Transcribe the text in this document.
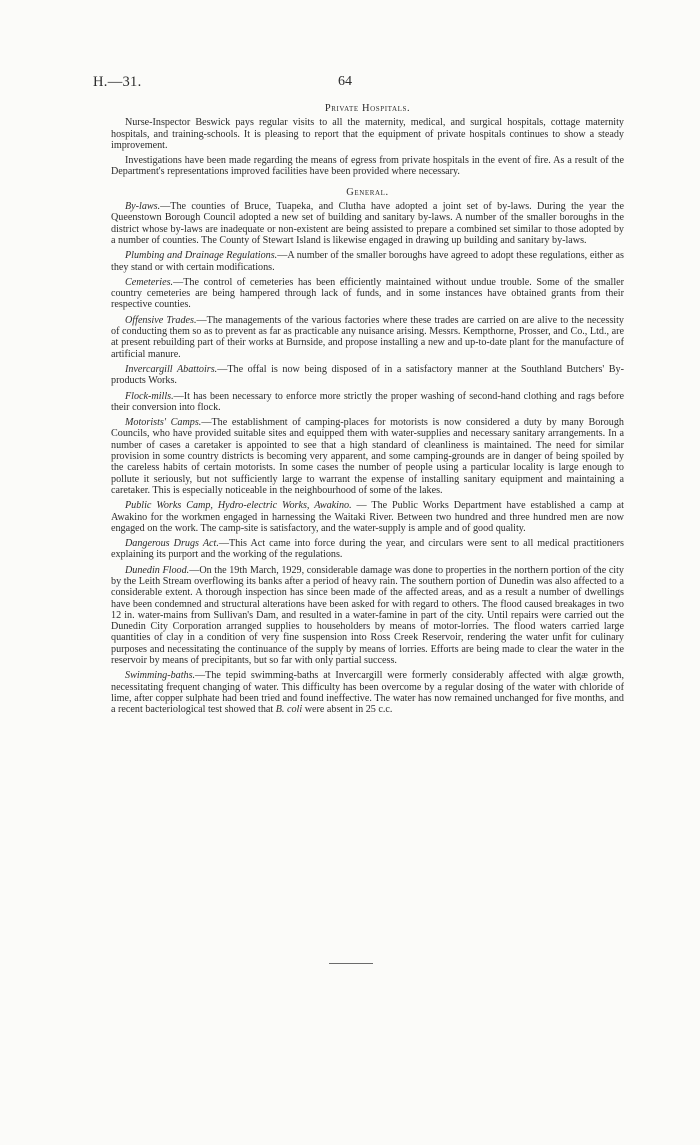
H.—31.	64
Private Hospitals.

Nurse-Inspector Beswick pays regular visits to all the maternity, medical, and surgical hospitals, cottage maternity hospitals, and training-schools. It is pleasing to report that the equipment of private hospitals continues to show a steady improvement.

Investigations have been made regarding the means of egress from private hospitals in the event of fire. As a result of the Department's representations improved facilities have been provided where necessary.

General.

By-laws.—The counties of Bruce, Tuapeka, and Clutha have adopted a joint set of by-laws. During the year the Queenstown Borough Council adopted a new set of building and sanitary by-laws. A number of the smaller boroughs in the district whose by-laws are inadequate or non-existent are being assisted to prepare a combined set similar to those adopted by a number of counties. The County of Stewart Island is likewise engaged in drawing up building and sanitary by-laws.

Plumbing and Drainage Regulations.—A number of the smaller boroughs have agreed to adopt these regulations, either as they stand or with certain modifications.

Cemeteries.—The control of cemeteries has been efficiently maintained without undue trouble. Some of the smaller country cemeteries are being hampered through lack of funds, and in some instances have obtained grants from their respective counties.

Offensive Trades.—The managements of the various factories where these trades are carried on are alive to the necessity of conducting them so as to prevent as far as practicable any nuisance arising. Messrs. Kempthorne, Prosser, and Co., Ltd., are at present rebuilding part of their works at Burnside, and propose installing a new and up-to-date plant for the manufacture of artificial manure.

Invercargill Abattoirs.—The offal is now being disposed of in a satisfactory manner at the Southland Butchers' By-products Works.

Flock-mills.—It has been necessary to enforce more strictly the proper washing of second-hand clothing and rags before their conversion into flock.

Motorists' Camps.—The establishment of camping-places for motorists is now considered a duty by many Borough Councils, who have provided suitable sites and equipped them with water-supplies and necessary sanitary arrangements. In a number of cases a caretaker is appointed to see that a high standard of cleanliness is maintained. The need for similar provision in some country districts is becoming very apparent, and some camping-grounds are in danger of being spoiled by the careless habits of certain motorists. In some cases the number of people using a particular locality is large enough to pollute it seriously, but not sufficiently large to warrant the expense of installing sanitary equipment and maintaining a caretaker. This is especially noticeable in the neighbourhood of some of the lakes.

Public Works Camp, Hydro-electric Works, Awakino. — The Public Works Department have established a camp at Awakino for the workmen engaged in harnessing the Waitaki River. Between two hundred and three hundred men are now engaged on the work. The camp-site is satisfactory, and the water-supply is ample and of good quality.

Dangerous Drugs Act.—This Act came into force during the year, and circulars were sent to all medical practitioners explaining its purport and the working of the regulations.

Dunedin Flood.—On the 19th March, 1929, considerable damage was done to properties in the northern portion of the city by the Leith Stream overflowing its banks after a period of heavy rain. The southern portion of Dunedin was also affected to a considerable extent. A thorough inspection has since been made of the affected areas, and as a result a number of dwellings have been condemned and structural alterations have been asked for with regard to others. The flood caused breakages in two 12 in. water-mains from Sullivan's Dam, and resulted in a water-famine in part of the city. Until repairs were carried out the Dunedin City Corporation arranged supplies to householders by means of motor-lorries. The flood waters carried large quantities of clay in a condition of very fine suspension into Ross Creek Reservoir, rendering the water unfit for culinary purposes and necessitating the continuance of the supply by means of lorries. Efforts are being made to clear the water in the reservoir by means of precipitants, but so far with only partial success.

Swimming-baths.—The tepid swimming-baths at Invercargill were formerly considerably affected with algæ growth, necessitating frequent changing of water. This difficulty has been overcome by a regular dosing of the water with chloride of lime, after copper sulphate had been tried and found ineffective. The water has now remained unchanged for five months, and a recent bacteriological test showed that B. coli were absent in 25 c.c.
